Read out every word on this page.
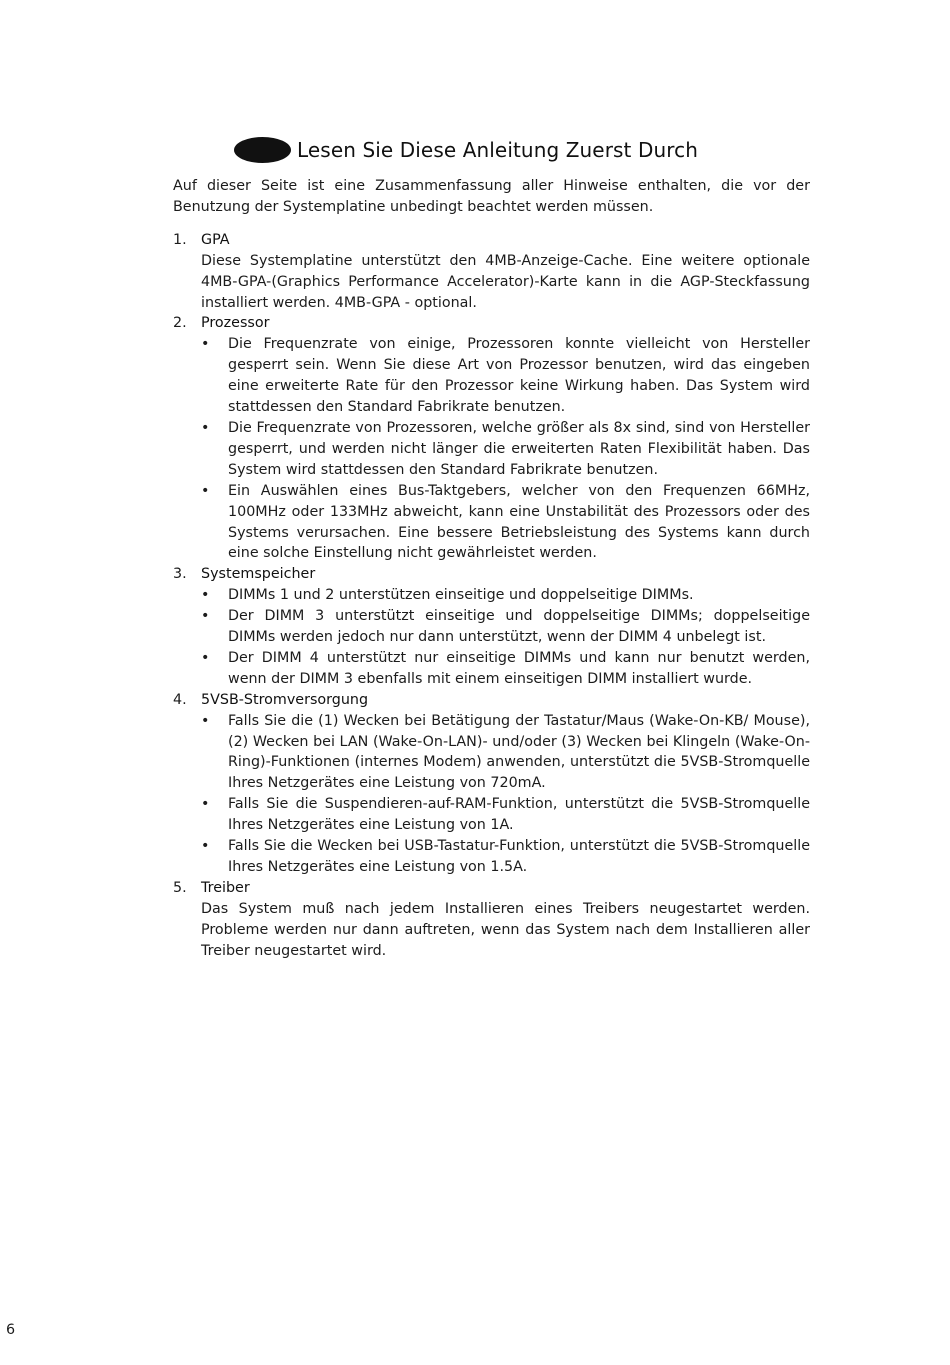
Lesen Sie Diese Anleitung Zuerst Durch

Auf dieser Seite ist eine Zusammenfassung aller Hinweise enthalten, die vor der Benutzung der Systemplatine unbedingt beachtet werden müssen.

1.	GPA
Diese Systemplatine unterstützt den 4MB-Anzeige-Cache. Eine weitere optionale 4MB-GPA-(Graphics Performance Accelerator)-Karte kann in die AGP-Steckfassung installiert werden. 4MB-GPA - optional.
2.	Prozessor
•	Die Frequenzrate von einige, Prozessoren konnte vielleicht von Hersteller gesperrt sein. Wenn Sie diese Art von Prozessor benutzen, wird das eingeben eine erweiterte Rate für den Prozessor keine Wirkung haben. Das System wird stattdessen den Standard Fabrikrate benutzen.
•	Die Frequenzrate von Prozessoren, welche größer als 8x sind, sind von Hersteller gesperrt, und werden nicht länger die erweiterten Raten Flexibilität haben. Das System wird stattdessen den Standard Fabrikrate benutzen.
•	Ein Auswählen eines Bus-Taktgebers, welcher von den Frequenzen 66MHz, 100MHz oder 133MHz abweicht, kann eine Unstabilität des Prozessors oder des Systems verursachen. Eine bessere Betriebsleistung des Systems kann durch eine solche Einstellung nicht gewährleistet werden.
3.	Systemspeicher
•	DIMMs 1 und 2 unterstützen einseitige und doppelseitige DIMMs.
•	Der DIMM 3 unterstützt einseitige und doppelseitige DIMMs; doppelseitige DIMMs werden jedoch nur dann unterstützt, wenn der DIMM 4 unbelegt ist.
•	Der DIMM 4 unterstützt nur einseitige DIMMs und kann nur benutzt werden, wenn der DIMM 3 ebenfalls mit einem einseitigen DIMM installiert wurde.
4.	5VSB-Stromversorgung
•	Falls Sie die (1) Wecken bei Betätigung der Tastatur/Maus (Wake-On-KB/ Mouse), (2) Wecken bei LAN (Wake-On-LAN)- und/oder (3) Wecken bei Klingeln (Wake-On-Ring)-Funktionen (internes Modem) anwenden, unterstützt die 5VSB-Stromquelle Ihres Netzgerätes eine Leistung von 720mA.
•	Falls Sie die Suspendieren-auf-RAM-Funktion, unterstützt die 5VSB-Stromquelle Ihres Netzgerätes eine Leistung von 1A.
•	Falls Sie die Wecken bei USB-Tastatur-Funktion, unterstützt die 5VSB-Stromquelle Ihres Netzgerätes eine Leistung von 1.5A.
5.	Treiber
Das System muß nach jedem Installieren eines Treibers neugestartet werden. Probleme werden nur dann auftreten, wenn das System nach dem Installieren aller Treiber neugestartet wird.
6
